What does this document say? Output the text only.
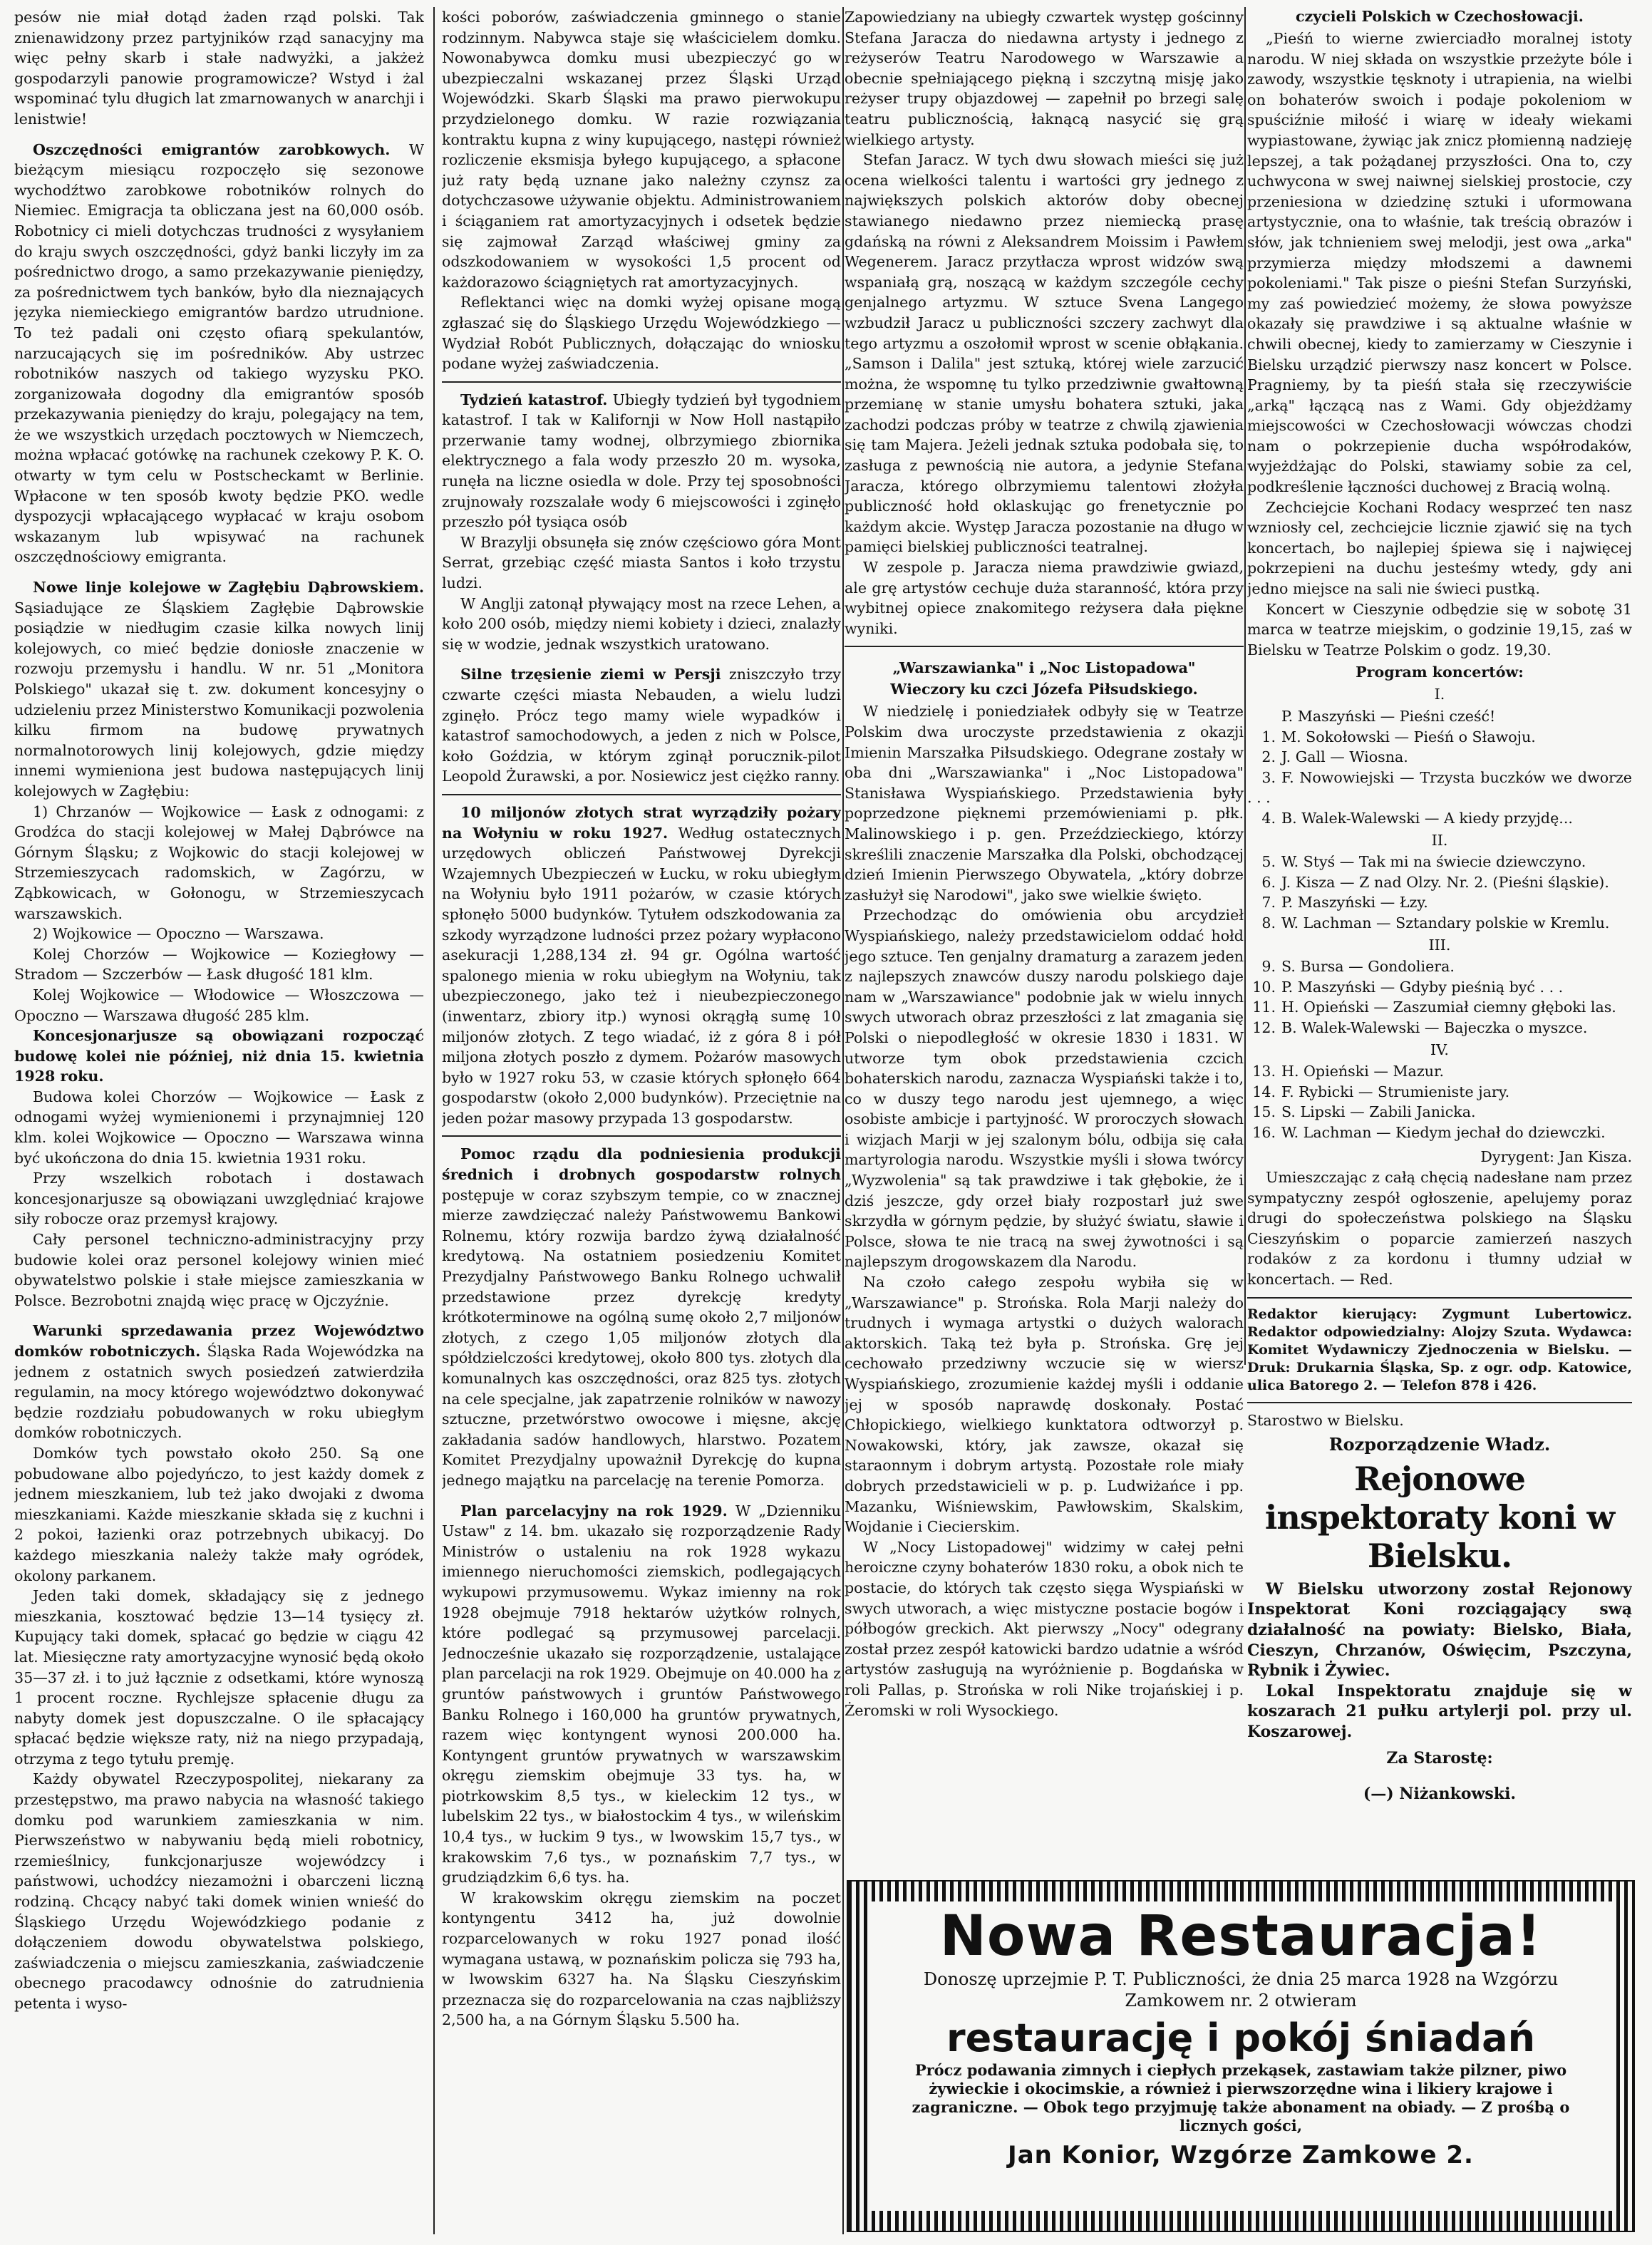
pesów nie miał dotąd żaden rząd polski. Tak znienawidzony przez partyjników rząd sanacyjny ma więc pełny skarb i stałe nadwyżki, a jakżeż gospodarzyli panowie programowicze? Wstyd i żal wspominać tylu długich lat zmarnowanych w anarchji i lenistwie!

Oszczędności emigrantów zarobkowych. W bieżącym miesiącu rozpoczęło się sezonowe wychodźtwo zarobkowe robotników rolnych do Niemiec. Emigracja ta obliczana jest na 60,000 osób. Robotnicy ci mieli dotychczas trudności z wysyłaniem do kraju swych oszczędności, gdyż banki liczyły im za pośrednictwo drogo, a samo przekazywanie pieniędzy, za pośrednictwem tych banków, było dla nieznających języka niemieckiego emigrantów bardzo utrudnione. To też padali oni często ofiarą spekulantów, narzucających się im pośredników. Aby ustrzec robotników naszych od takiego wyzysku PKO. zorganizowała dogodny dla emigrantów sposób przekazywania pieniędzy do kraju, polegający na tem, że we wszystkich urzędach pocztowych w Niemczech, można wpłacać gotówkę na rachunek czekowy P. K. O. otwarty w tym celu w Postscheckamt w Berlinie. Wpłacone w ten sposób kwoty będzie PKO. wedle dyspozycji wpłacającego wypłacać w kraju osobom wskazanym lub wpisywać na rachunek oszczędnościowy emigranta.

Nowe linje kolejowe w Zagłębiu Dąbrowskiem. Sąsiadujące ze Śląskiem Zagłębie Dąbrowskie posiądzie w niedługim czasie kilka nowych linij kolejowych, co mieć będzie doniosłe znaczenie w rozwoju przemysłu i handlu. W nr. 51 „Monitora Polskiego" ukazał się t. zw. dokument koncesyjny o udzieleniu przez Ministerstwo Komunikacji pozwolenia kilku firmom na budowę prywatnych normalnotorowych linij kolejowych, gdzie między innemi wymieniona jest budowa następujących linij kolejowych w Zagłębiu:

1) Chrzanów — Wojkowice — Łask z odnogami: z Grodźca do stacji kolejowej w Małej Dąbrówce na Górnym Śląsku; z Wojkowic do stacji kolejowej w Strzemieszycach radomskich, w Zagórzu, w Ząbkowicach, w Gołonogu, w Strzemieszycach warszawskich.

2) Wojkowice — Opoczno — Warszawa.

Kolej Chorzów — Wojkowice — Koziegłowy — Stradom — Szczerbów — Łask długość 181 klm.

Kolej Wojkowice — Włodowice — Włoszczowa — Opoczno — Warszawa długość 285 klm.

Koncesjonarjusze są obowiązani rozpocząć budowę kolei nie później, niż dnia 15. kwietnia 1928 roku.

Budowa kolei Chorzów — Wojkowice — Łask z odnogami wyżej wymienionemi i przynajmniej 120 klm. kolei Wojkowice — Opoczno — Warszawa winna być ukończona do dnia 15. kwietnia 1931 roku.

Przy wszelkich robotach i dostawach koncesjonarjusze są obowiązani uwzględniać krajowe siły robocze oraz przemysł krajowy.

Cały personel techniczno-administracyjny przy budowie kolei oraz personel kolejowy winien mieć obywatelstwo polskie i stałe miejsce zamieszkania w Polsce. Bezrobotni znajdą więc pracę w Ojczyźnie.

Warunki sprzedawania przez Województwo domków robotniczych. Śląska Rada Wojewódzka na jednem z ostatnich swych posiedzeń zatwierdziła regulamin, na mocy którego województwo dokonywać będzie rozdziału pobudowanych w roku ubiegłym domków robotniczych.

Domków tych powstało około 250. Są one pobudowane albo pojedyńczo, to jest każdy domek z jednem mieszkaniem, lub też jako dwojaki z dwoma mieszkaniami. Każde mieszkanie składa się z kuchni i 2 pokoi, łazienki oraz potrzebnych ubikacyj. Do każdego mieszkania należy także mały ogródek, okolony parkanem.

Jeden taki domek, składający się z jednego mieszkania, kosztować będzie 13—14 tysięcy zł. Kupujący taki domek, spłacać go będzie w ciągu 42 lat. Miesięczne raty amortyzacyjne wynosić będą około 35—37 zł. i to już łącznie z odsetkami, które wynoszą 1 procent roczne. Rychlejsze spłacenie długu za nabyty domek jest dopuszczalne. O ile spłacający spłacać będzie większe raty, niż na niego przypadają, otrzyma z tego tytułu premję.

Każdy obywatel Rzeczypospolitej, niekarany za przestępstwo, ma prawo nabycia na własność takiego domku pod warunkiem zamieszkania w nim. Pierwszeństwo w nabywaniu będą mieli robotnicy, rzemieślnicy, funkcjonarjusze wojewódzcy i państwowi, uchodźcy niezamożni i obarczeni liczną rodziną. Chcący nabyć taki domek winien wnieść do Śląskiego Urzędu Wojewódzkiego podanie z dołączeniem dowodu obywatelstwa polskiego, zaświadczenia o miejscu zamieszkania, zaświadczenie obecnego pracodawcy odnośnie do zatrudnienia petenta i wyso-

kości poborów, zaświadczenia gminnego o stanie rodzinnym. Nabywca staje się właścicielem domku. Nowonabywca domku musi ubezpieczyć go w ubezpieczalni wskazanej przez Śląski Urząd Wojewódzki. Skarb Śląski ma prawo pierwokupu przydzielonego domku. W razie rozwiązania kontraktu kupna z winy kupującego, następi również rozliczenie eksmisja byłego kupującego, a spłacone już raty będą uznane jako należny czynsz za dotychczasowe używanie objektu. Administrowaniem i ściąganiem rat amortyzacyjnych i odsetek będzie się zajmował Zarząd właściwej gminy za odszkodowaniem w wysokości 1,5 procent od każdorazowo ściągniętych rat amortyzacyjnych.

Reflektanci więc na domki wyżej opisane mogą zgłaszać się do Śląskiego Urzędu Wojewódzkiego — Wydział Robót Publicznych, dołączając do wniosku podane wyżej zaświadczenia.

Tydzień katastrof. Ubiegły tydzień był tygodniem katastrof. I tak w Kalifornji w Now Holl nastąpiło przerwanie tamy wodnej, olbrzymiego zbiornika elektrycznego a fala wody przeszło 20 m. wysoka, runęła na liczne osiedla w dole. Przy tej sposobności zrujnowały rozszalałe wody 6 miejscowości i zginęło przeszło pół tysiąca osób

W Brazylji obsunęła się znów częściowo góra Mont Serrat, grzebiąc część miasta Santos i koło trzystu ludzi.

W Anglji zatonął pływający most na rzece Lehen, a koło 200 osób, między niemi kobiety i dzieci, znalazły się w wodzie, jednak wszystkich uratowano.

Silne trzęsienie ziemi w Persji zniszczyło trzy czwarte części miasta Nebauden, a wielu ludzi zginęło. Prócz tego mamy wiele wypadków i katastrof samochodowych, a jeden z nich w Polsce, koło Goździa, w którym zginął porucznik-pilot Leopold Żurawski, a por. Nosiewicz jest ciężko ranny.

10 miljonów złotych strat wyrządziły pożary na Wołyniu w roku 1927. Według ostatecznych urzędowych obliczeń Państwowej Dyrekcji Wzajemnych Ubezpieczeń w Łucku, w roku ubiegłym na Wołyniu było 1911 pożarów, w czasie których spłonęło 5000 budynków. Tytułem odszkodowania za szkody wyrządzone ludności przez pożary wypłacono asekuracji 1,288,134 zł. 94 gr. Ogólna wartość spalonego mienia w roku ubiegłym na Wołyniu, tak ubezpieczonego, jako też i nieubezpieczonego (inwentarz, zbiory itp.) wynosi okrągłą sumę 10 miljonów złotych. Z tego wiadać, iż z góra 8 i pół miljona złotych poszło z dymem. Pożarów masowych było w 1927 roku 53, w czasie których spłonęło 664 gospodarstw (około 2,000 budynków). Przeciętnie na jeden pożar masowy przypada 13 gospodarstw.

Pomoc rządu dla podniesienia produkcji średnich i drobnych gospodarstw rolnych postępuje w coraz szybszym tempie, co w znacznej mierze zawdzięczać należy Państwowemu Bankowi Rolnemu, który rozwija bardzo żywą działalność kredytową. Na ostatniem posiedzeniu Komitet Prezydjalny Państwowego Banku Rolnego uchwalił przedstawione przez dyrekcję kredyty krótkoterminowe na ogólną sumę około 2,7 miljonów złotych, z czego 1,05 miljonów złotych dla spółdzielczości kredytowej, około 800 tys. złotych dla komunalnych kas oszczędności, oraz 825 tys. złotych na cele specjalne, jak zapatrzenie rolników w nawozy sztuczne, przetwórstwo owocowe i mięsne, akcję zakładania sadów handlowych, hlarstwo. Pozatem Komitet Prezydjalny upoważnił Dyrekcję do kupna jednego majątku na parcelację na terenie Pomorza.

Plan parcelacyjny na rok 1929. W „Dzienniku Ustaw" z 14. bm. ukazało się rozporządzenie Rady Ministrów o ustaleniu na rok 1928 wykazu imiennego nieruchomości ziemskich, podlegających wykupowi przymusowemu. Wykaz imienny na rok 1928 obejmuje 7918 hektarów użytków rolnych, które podlegać są przymusowej parcelacji. Jednocześnie ukazało się rozporządzenie, ustalające plan parcelacji na rok 1929. Obejmuje on 40.000 ha z gruntów państwowych i gruntów Państwowego Banku Rolnego i 160,000 ha gruntów prywatnych, razem więc kontyngent wynosi 200.000 ha. Kontyngent gruntów prywatnych w warszawskim okręgu ziemskim obejmuje 33 tys. ha, w piotrkowskim 8,5 tys., w kieleckim 12 tys., w lubelskim 22 tys., w białostockim 4 tys., w wileńskim 10,4 tys., w łuckim 9 tys., w lwowskim 15,7 tys., w krakowskim 7,6 tys., w poznańskim 7,7 tys., w grudziądzkim 6,6 tys. ha.

W krakowskim okręgu ziemskim na poczet kontyngentu 3412 ha, już dowolnie rozparcelowanych w roku 1927 ponad ilość wymagana ustawą, w poznańskim policza się 793 ha, w lwowskim 6327 ha. Na Śląsku Cieszyńskim przeznacza się do rozparcelowania na czas najbliższy 2,500 ha, a na Górnym Śląsku 5.500 ha.

Zapowiedziany na ubiegły czwartek występ gościnny Stefana Jaracza do niedawna artysty i jednego z reżyserów Teatru Narodowego w Warszawie a obecnie spełniającego piękną i szczytną misję jako reżyser trupy objazdowej — zapełnił po brzegi salę teatru publicznością, łaknącą nasycić się grą wielkiego artysty.

Stefan Jaracz. W tych dwu słowach mieści się już ocena wielkości talentu i wartości gry jednego z największych polskich aktorów doby obecnej stawianego niedawno przez niemiecką prasę gdańską na równi z Aleksandrem Moissim i Pawłem Wegenerem. Jaracz przytłacza wprost widzów swą wspaniałą grą, noszącą w każdym szczególe cechy genjalnego artyzmu. W sztuce Svena Langego wzbudził Jaracz u publiczności szczery zachwyt dla tego artyzmu a oszołomił wprost w scenie obłąkania. „Samson i Dalila" jest sztuką, której wiele zarzucić można, że wspomnę tu tylko przedziwnie gwałtowną przemianę w stanie umysłu bohatera sztuki, jaka zachodzi podczas próby w teatrze z chwilą zjawienia się tam Majera. Jeżeli jednak sztuka podobała się, to zasługa z pewnością nie autora, a jedynie Stefana Jaracza, którego olbrzymiemu talentowi złożyła publiczność hołd oklaskując go frenetycznie po każdym akcie. Występ Jaracza pozostanie na długo w pamięci bielskiej publiczności teatralnej.

W zespole p. Jaracza niema prawdziwie gwiazd, ale grę artystów cechuje duża staranność, która przy wybitnej opiece znakomitego reżysera dała piękne wyniki.

„Warszawianka" i „Noc Listopadowa"

Wieczory ku czci Józefa Piłsudskiego.

W niedzielę i poniedziałek odbyły się w Teatrze Polskim dwa uroczyste przedstawienia z okazji Imienin Marszałka Piłsudskiego. Odegrane zostały w oba dni „Warszawianka" i „Noc Listopadowa" Stanisława Wyspiańskiego. Przedstawienia były poprzedzone pięknemi przemówieniami p. płk. Malinowskiego i p. gen. Przeździeckiego, którzy skreślili znaczenie Marszałka dla Polski, obchodzącej dzień Imienin Pierwszego Obywatela, „który dobrze zasłużył się Narodowi", jako swe wielkie święto.

Przechodząc do omówienia obu arcydzieł Wyspiańskiego, należy przedstawicielom oddać hołd jego sztuce. Ten genjalny dramaturg a zarazem jeden z najlepszych znawców duszy narodu polskiego daje nam w „Warszawiance" podobnie jak w wielu innych swych utworach obraz przeszłości z lat zmagania się Polski o niepodległość w okresie 1830 i 1831. W utworze tym obok przedstawienia czcich bohaterskich narodu, zaznacza Wyspiański także i to, co w duszy tego narodu jest ujemnego, a więc osobiste ambicje i partyjność. W proroczych słowach i wizjach Marji w jej szalonym bólu, odbija się cała martyrologia narodu. Wszystkie myśli i słowa twórcy „Wyzwolenia" są tak prawdziwe i tak głębokie, że i dziś jeszcze, gdy orzeł biały rozpostarł już swe skrzydła w górnym pędzie, by służyć światu, sławie i Polsce, słowa te nie tracą na swej żywotności i są najlepszym drogowskazem dla Narodu.

Na czoło całego zespołu wybiła się w „Warszawiance" p. Strońska. Rola Marji należy do trudnych i wymaga artystki o dużych walorach aktorskich. Taką też była p. Strońska. Grę jej cechowało przedziwny wczucie się w wiersz Wyspiańskiego, zrozumienie każdej myśli i oddanie jej w sposób naprawdę doskonały. Postać Chłopickiego, wielkiego kunktatora odtworzył p. Nowakowski, który, jak zawsze, okazał się staraonnym i dobrym artystą. Pozostałe role miały dobrych przedstawicieli w p. p. Ludwiżańce i pp. Mazanku, Wiśniewskim, Pawłowskim, Skalskim, Wojdanie i Ciecierskim.

W „Nocy Listopadowej" widzimy w całej pełni heroiczne czyny bohaterów 1830 roku, a obok nich te postacie, do których tak często sięga Wyspiański w swych utworach, a więc mistyczne postacie bogów i półbogów greckich. Akt pierwszy „Nocy" odegrany został przez zespół katowicki bardzo udatnie a wśród artystów zasługują na wyróżnienie p. Bogdańska w roli Pallas, p. Strońska w roli Nike trojańskiej i p. Żeromski w roli Wysockiego.

czycieli Polskich w Czechosłowacji.

„Pieśń to wierne zwierciadło moralnej istoty narodu. W niej składa on wszystkie przeżyte bóle i zawody, wszystkie tęsknoty i utrapienia, na wielbi on bohaterów swoich i podaje pokoleniom w spuściźnie miłość i wiarę w ideały wiekami wypiastowane, żywiąc jak znicz płomienną nadzieję lepszej, a tak pożądanej przyszłości. Ona to, czy uchwycona w swej naiwnej sielskiej prostocie, czy przeniesiona w dziedzinę sztuki i uformowana artystycznie, ona to właśnie, tak treścią obrazów i słów, jak tchnieniem swej melodji, jest owa „arka" przymierza między młodszemi a dawnemi pokoleniami." Tak pisze o pieśni Stefan Surzyński, my zaś powiedzieć możemy, że słowa powyższe okazały się prawdziwe i są aktualne właśnie w chwili obecnej, kiedy to zamierzamy w Cieszynie i Bielsku urządzić pierwszy nasz koncert w Polsce. Pragniemy, by ta pieśń stała się rzeczywiście „arką" łączącą nas z Wami. Gdy objeżdżamy miejscowości w Czechosłowacji wówczas chodzi nam o pokrzepienie ducha współrodaków, wyjeżdżając do Polski, stawiamy sobie za cel, podkreślenie łączności duchowej z Bracią wolną.

Zechciejcie Kochani Rodacy wesprzeć ten nasz wzniosły cel, zechciejcie licznie zjawić się na tych koncertach, bo najlepiej śpiewa się i najwięcej pokrzepieni na duchu jesteśmy wtedy, gdy ani jedno miejsce na sali nie świeci pustką.

Koncert w Cieszynie odbędzie się w sobotę 31 marca w teatrze miejskim, o godzinie 19,15, zaś w Bielsku w Teatrze Polskim o godz. 19,30.

Program koncertów:

I.

P. Maszyński — Pieśni cześć!

1. M. Sokołowski — Pieśń o Sławoju.

2. J. Gall — Wiosna.

3. F. Nowowiejski — Trzysta buczków we dworze . . .

4. B. Walek-Walewski — A kiedy przyjdę...

II.

5. W. Styś — Tak mi na świecie dziewczyno.

6. J. Kisza — Z nad Olzy. Nr. 2. (Pieśni śląskie).

7. P. Maszyński — Łzy.

8. W. Lachman — Sztandary polskie w Kremlu.

III.

9. S. Bursa — Gondoliera.

10. P. Maszyński — Gdyby pieśnią być . . .

11. H. Opieński — Zaszumiał ciemny głęboki las.

12. B. Walek-Walewski — Bajeczka o myszce.

IV.

13. H. Opieński — Mazur.

14. F. Rybicki — Strumieniste jary.

15. S. Lipski — Zabili Janicka.

16. W. Lachman — Kiedym jechał do dziewczki.

Dyrygent: Jan Kisza.

Umieszczając z całą chęcią nadesłane nam przez sympatyczny zespół ogłoszenie, apelujemy poraz drugi do społeczeństwa polskiego na Śląsku Cieszyńskim o poparcie zamierzeń naszych rodaków z za kordonu i tłumny udział w koncertach. — Red.

Redaktor kierujący: Zygmunt Lubertowicz. Redaktor odpowiedzialny: Alojzy Szuta. Wydawca: Komitet Wydawniczy Zjednoczenia w Bielsku. — Druk: Drukarnia Śląska, Sp. z ogr. odp. Katowice, ulica Batorego 2. — Telefon 878 i 426.

Starostwo w Bielsku.

Rozporządzenie Władz.

Rejonowe inspektoraty koni w Bielsku.

W Bielsku utworzony został Rejonowy Inspektorat Koni rozciągający swą działalność na powiaty: Bielsko, Biała, Cieszyn, Chrzanów, Oświęcim, Pszczyna, Rybnik i Żywiec.

Lokal Inspektoratu znajduje się w koszarach 21 pułku artylerji pol. przy ul. Koszarowej.

Za Starostę:

(—) Niżankowski.

Nowa Restauracja!
Donoszę uprzejmie P. T. Publiczności, że dnia 25 marca 1928 na Wzgórzu Zamkowem nr. 2 otwieram
restaurację i pokój śniadań
Prócz podawania zimnych i ciepłych przekąsek, zastawiam także pilzner, piwo żywieckie i okocimskie, a również i pierwszorzędne wina i likiery krajowe i zagraniczne. — Obok tego przyjmuję także abonament na obiady. — Z prośbą o licznych gości,
Jan Konior, Wzgórze Zamkowe 2.
